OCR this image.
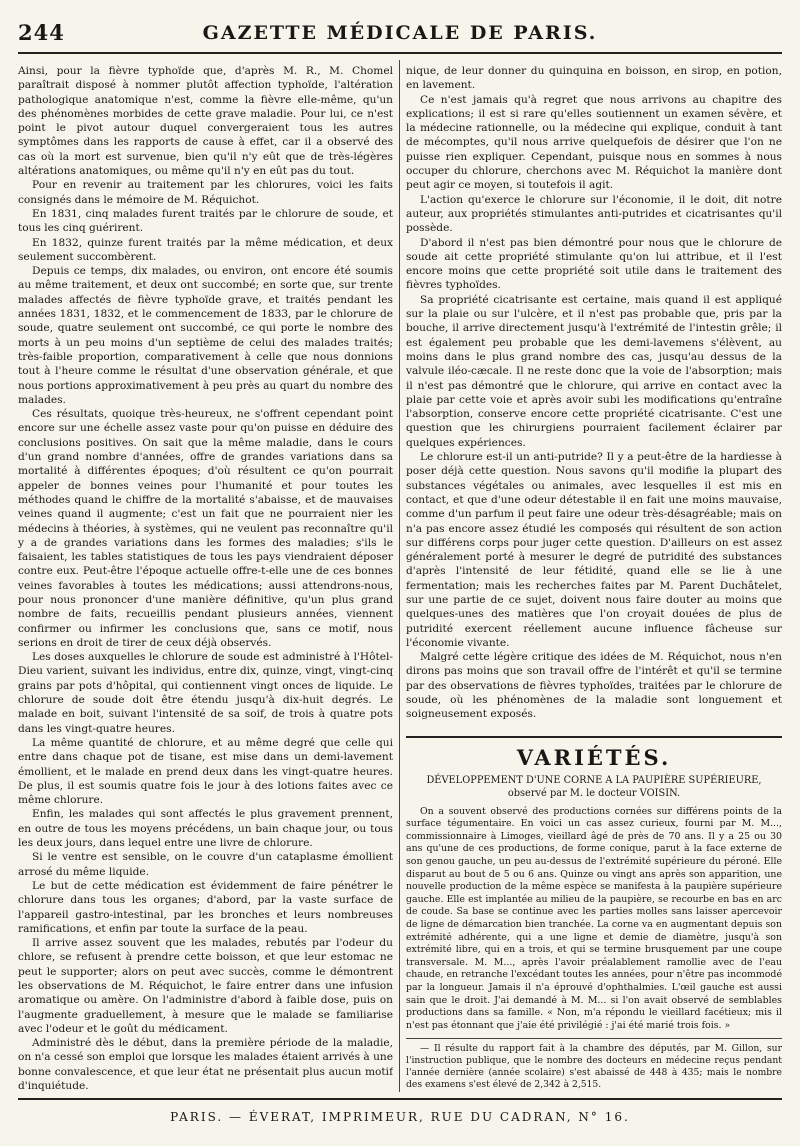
244	GAZETTE MÉDICALE DE PARIS.

Ainsi, pour la fièvre typhoïde que, d'après M. R., M. Chomel paraîtrait disposé à nommer plutôt affection typhoïde, l'altération pathologique anatomique n'est, comme la fièvre elle-même, qu'un des phénomènes morbides de cette grave maladie. Pour lui, ce n'est point le pivot autour duquel convergeraient tous les autres symptômes dans les rapports de cause à effet, car il a observé des cas où la mort est survenue, bien qu'il n'y eût que de très-légères altérations anatomiques, ou même qu'il n'y en eût pas du tout.

Pour en revenir au traitement par les chlorures, voici les faits consignés dans le mémoire de M. Réquichot.

En 1831, cinq malades furent traités par le chlorure de soude, et tous les cinq guérirent.

En 1832, quinze furent traités par la même médication, et deux seulement succombèrent.

Depuis ce temps, dix malades, ou environ, ont encore été soumis au même traitement, et deux ont succombé; en sorte que, sur trente malades affectés de fièvre typhoïde grave, et traités pendant les années 1831, 1832, et le commencement de 1833, par le chlorure de soude, quatre seulement ont succombé, ce qui porte le nombre des morts à un peu moins d'un septième de celui des malades traités; très-faible proportion, comparativement à celle que nous donnions tout à l'heure comme le résultat d'une observation générale, et que nous portions approximativement à peu près au quart du nombre des malades.

Ces résultats, quoique très-heureux, ne s'offrent cependant point encore sur une échelle assez vaste pour qu'on puisse en déduire des conclusions positives. On sait que la même maladie, dans le cours d'un grand nombre d'années, offre de grandes variations dans sa mortalité à différentes époques; d'où résultent ce qu'on pourrait appeler de bonnes veines pour l'humanité et pour toutes les méthodes quand le chiffre de la mortalité s'abaisse, et de mauvaises veines quand il augmente; c'est un fait que ne pourraient nier les médecins à théories, à systèmes, qui ne veulent pas reconnaître qu'il y a de grandes variations dans les formes des maladies; s'ils le faisaient, les tables statistiques de tous les pays viendraient déposer contre eux. Peut-être l'époque actuelle offre-t-elle une de ces bonnes veines favorables à toutes les médications; aussi attendrons-nous, pour nous prononcer d'une manière définitive, qu'un plus grand nombre de faits, recueillis pendant plusieurs années, viennent confirmer ou infirmer les conclusions que, sans ce motif, nous serions en droit de tirer de ceux déjà observés.

Les doses auxquelles le chlorure de soude est administré à l'Hôtel-Dieu varient, suivant les individus, entre dix, quinze, vingt, vingt-cinq grains par pots d'hôpital, qui contiennent vingt onces de liquide. Le chlorure de soude doit être étendu jusqu'à dix-huit degrés. Le malade en boit, suivant l'intensité de sa soif, de trois à quatre pots dans les vingt-quatre heures.

La même quantité de chlorure, et au même degré que celle qui entre dans chaque pot de tisane, est mise dans un demi-lavement émollient, et le malade en prend deux dans les vingt-quatre heures. De plus, il est soumis quatre fois le jour à des lotions faites avec ce même chlorure.

Enfin, les malades qui sont affectés le plus gravement prennent, en outre de tous les moyens précédens, un bain chaque jour, ou tous les deux jours, dans lequel entre une livre de chlorure.

Si le ventre est sensible, on le couvre d'un cataplasme émollient arrosé du même liquide.

Le but de cette médication est évidemment de faire pénétrer le chlorure dans tous les organes; d'abord, par la vaste surface de l'appareil gastro-intestinal, par les bronches et leurs nombreuses ramifications, et enfin par toute la surface de la peau.

Il arrive assez souvent que les malades, rebutés par l'odeur du chlore, se refusent à prendre cette boisson, et que leur estomac ne peut le supporter; alors on peut avec succès, comme le démontrent les observations de M. Réquichot, le faire entrer dans une infusion aromatique ou amère. On l'administre d'abord à faible dose, puis on l'augmente graduellement, à mesure que le malade se familiarise avec l'odeur et le goût du médicament.

Administré dès le début, dans la première période de la maladie, on n'a cessé son emploi que lorsque les malades étaient arrivés à une bonne convalescence, et que leur état ne présentait plus aucun motif d'inquiétude.

nique, de leur donner du quinquina en boisson, en sirop, en potion, en lavement.

Ce n'est jamais qu'à regret que nous arrivons au chapitre des explications; il est si rare qu'elles soutiennent un examen sévère, et la médecine rationnelle, ou la médecine qui explique, conduit à tant de mécomptes, qu'il nous arrive quelquefois de désirer que l'on ne puisse rien expliquer. Cependant, puisque nous en sommes à nous occuper du chlorure, cherchons avec M. Réquichot la manière dont peut agir ce moyen, si toutefois il agit.

L'action qu'exerce le chlorure sur l'économie, il le doit, dit notre auteur, aux propriétés stimulantes anti-putrides et cicatrisantes qu'il possède.

D'abord il n'est pas bien démontré pour nous que le chlorure de soude ait cette propriété stimulante qu'on lui attribue, et il l'est encore moins que cette propriété soit utile dans le traitement des fièvres typhoïdes.

Sa propriété cicatrisante est certaine, mais quand il est appliqué sur la plaie ou sur l'ulcère, et il n'est pas probable que, pris par la bouche, il arrive directement jusqu'à l'extrémité de l'intestin grêle; il est également peu probable que les demi-lavemens s'élèvent, au moins dans le plus grand nombre des cas, jusqu'au dessus de la valvule iléo-cæcale. Il ne reste donc que la voie de l'absorption; mais il n'est pas démontré que le chlorure, qui arrive en contact avec la plaie par cette voie et après avoir subi les modifications qu'entraîne l'absorption, conserve encore cette propriété cicatrisante. C'est une question que les chirurgiens pourraient facilement éclairer par quelques expériences.

Le chlorure est-il un anti-putride? Il y a peut-être de la hardiesse à poser déjà cette question. Nous savons qu'il modifie la plupart des substances végétales ou animales, avec lesquelles il est mis en contact, et que d'une odeur détestable il en fait une moins mauvaise, comme d'un parfum il peut faire une odeur très-désagréable; mais on n'a pas encore assez étudié les composés qui résultent de son action sur différens corps pour juger cette question. D'ailleurs on est assez généralement porté à mesurer le degré de putridité des substances d'après l'intensité de leur fétidité, quand elle se lie à une fermentation; mais les recherches faites par M. Parent Duchâtelet, sur une partie de ce sujet, doivent nous faire douter au moins que quelques-unes des matières que l'on croyait douées de plus de putridité exercent réellement aucune influence fâcheuse sur l'économie vivante.

Malgré cette légère critique des idées de M. Réquichot, nous n'en dirons pas moins que son travail offre de l'intérêt et qu'il se termine par des observations de fièvres typhoïdes, traitées par le chlorure de soude, où les phénomènes de la maladie sont longuement et soigneusement exposés.

VARIÉTÉS.
DÉVELOPPEMENT D'UNE CORNE A LA PAUPIÈRE SUPÉRIEURE, observé par M. le docteur VOISIN.

On a souvent observé des productions cornées sur différens points de la surface tégumentaire. En voici un cas assez curieux, fourni par M. M..., commissionnaire à Limoges, vieillard âgé de près de 70 ans. Il y a 25 ou 30 ans qu'une de ces productions, de forme conique, parut à la face externe de son genou gauche, un peu au-dessus de l'extrémité supérieure du péroné. Elle disparut au bout de 5 ou 6 ans. Quinze ou vingt ans après son apparition, une nouvelle production de la même espèce se manifesta à la paupière supérieure gauche. Elle est implantée au milieu de la paupière, se recourbe en bas en arc de coude. Sa base se continue avec les parties molles sans laisser apercevoir de ligne de démarcation bien tranchée. La corne va en augmentant depuis son extrémité adhérente, qui a une ligne et demie de diamètre, jusqu'à son extrémité libre, qui en a trois, et qui se termine brusquement par une coupe transversale. M. M..., après l'avoir préalablement ramollie avec de l'eau chaude, en retranche l'excédant toutes les années, pour n'être pas incommodé par la longueur. Jamais il n'a éprouvé d'ophthalmies. L'œil gauche est aussi sain que le droit. J'ai demandé à M. M... si l'on avait observé de semblables productions dans sa famille. « Non, m'a répondu le vieillard facétieux; mis il n'est pas étonnant que j'aie été privilégié : j'ai été marié trois fois. »

— Il résulte du rapport fait à la chambre des députés, par M. Gillon, sur l'instruction publique, que le nombre des docteurs en médecine reçus pendant l'année dernière (année scolaire) s'est abaissé de 448 à 435; mais le nombre des examens s'est élevé de 2,342 à 2,515.

PARIS. — ÉVERAT, IMPRIMEUR, RUE DU CADRAN, N° 16.
